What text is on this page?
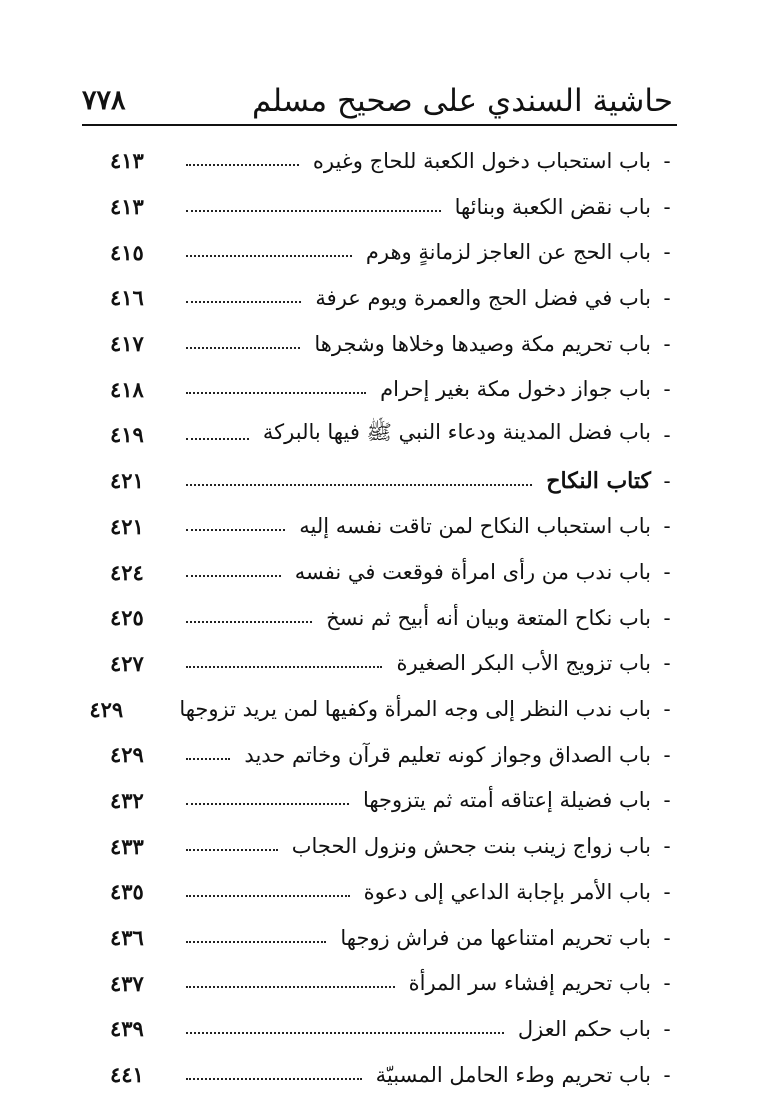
حاشية السندي على صحيح مسلم
٧٧٨
-
باب استحباب دخول الكعبة للحاج وغيره
٤١٣
-
باب نقض الكعبة وبنائها
٤١٣
-
باب الحج عن العاجز لزمانةٍ وهرم
٤١٥
-
باب في فضل الحج والعمرة ويوم عرفة
٤١٦
-
باب تحريم مكة وصيدها وخلاها وشجرها
٤١٧
-
باب جواز دخول مكة بغير إحرام
٤١٨
-
باب فضل المدينة ودعاء النبي ﷺ فيها بالبركة
٤١٩
-
كتاب النكاح
٤٢١
-
باب استحباب النكاح لمن تاقت نفسه إليه
٤٢١
-
باب ندب من رأى امرأة فوقعت في نفسه
٤٢٤
-
باب نكاح المتعة وبيان أنه أبيح ثم نسخ
٤٢٥
-
باب تزويج الأب البكر الصغيرة
٤٢٧
-
باب ندب النظر إلى وجه المرأة وكفيها لمن يريد تزوجها
٤٢٩
-
باب الصداق وجواز كونه تعليم قرآن وخاتم حديد
٤٢٩
-
باب فضيلة إعتاقه أمته ثم يتزوجها
٤٣٢
-
باب زواج زينب بنت جحش ونزول الحجاب
٤٣٣
-
باب الأمر بإجابة الداعي إلى دعوة
٤٣٥
-
باب تحريم امتناعها من فراش زوجها
٤٣٦
-
باب تحريم إفشاء سر المرأة
٤٣٧
-
باب حكم العزل
٤٣٩
-
باب تحريم وطء الحامل المسبيّة
٤٤١
